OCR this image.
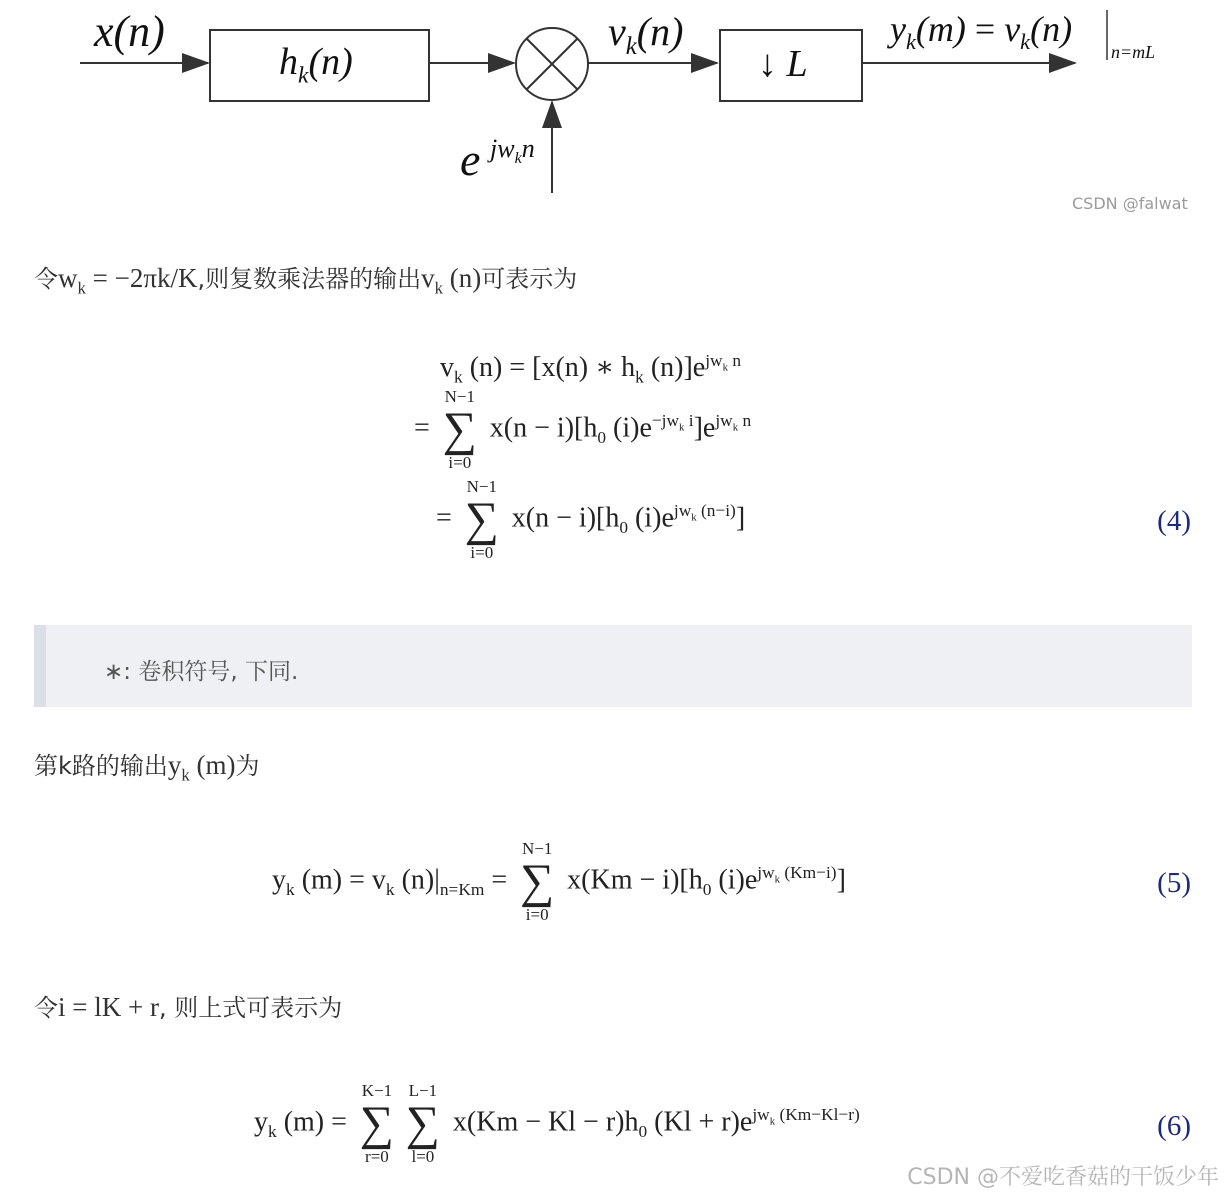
x(n)
$h_k(n)$
$v_k(n)$
↓ L
$y_k(m) = v_k(n)$
n=mL
e $jw_kn$
CSDN @falwat
令$w_k = -2\pi k/K$,则复数乘法器的输出$v_k$ (n)可表示为
$v_k$ (n) = [x(n) ∗ $h_k$ $(n)]e^{jw_k n}$
=
N−1
∑
i=0
$x(n - i)[h_0$ $(i)e^{-jw_k i}]e^{jw_k n}$
=
N−1
∑
i=0
$x(n - i)[h_0$ $(i)e^{jw_k (n-i)}$]	(4)
∗: 卷积符号, 下同.
第k路的输出$y_k$ (m)为
$y_k$ $(m) = v_k$ $(n)|_{n=Km}$ =
N−1
∑
i=0
$x(Km - i)[h_0$ $(i)e^{jw_k (Km-i)}$]	(5)
令i = lK + r, 则上式可表示为
$y_k$ (m) =
K−1
∑
r=0
L−1
∑
l=0
$x(Km - Kl - r)h_0$ $(Kl + r)e^{jw_k (Km-Kl-r)}$	(6)
CSDN @不爱吃香菇的干饭少年
